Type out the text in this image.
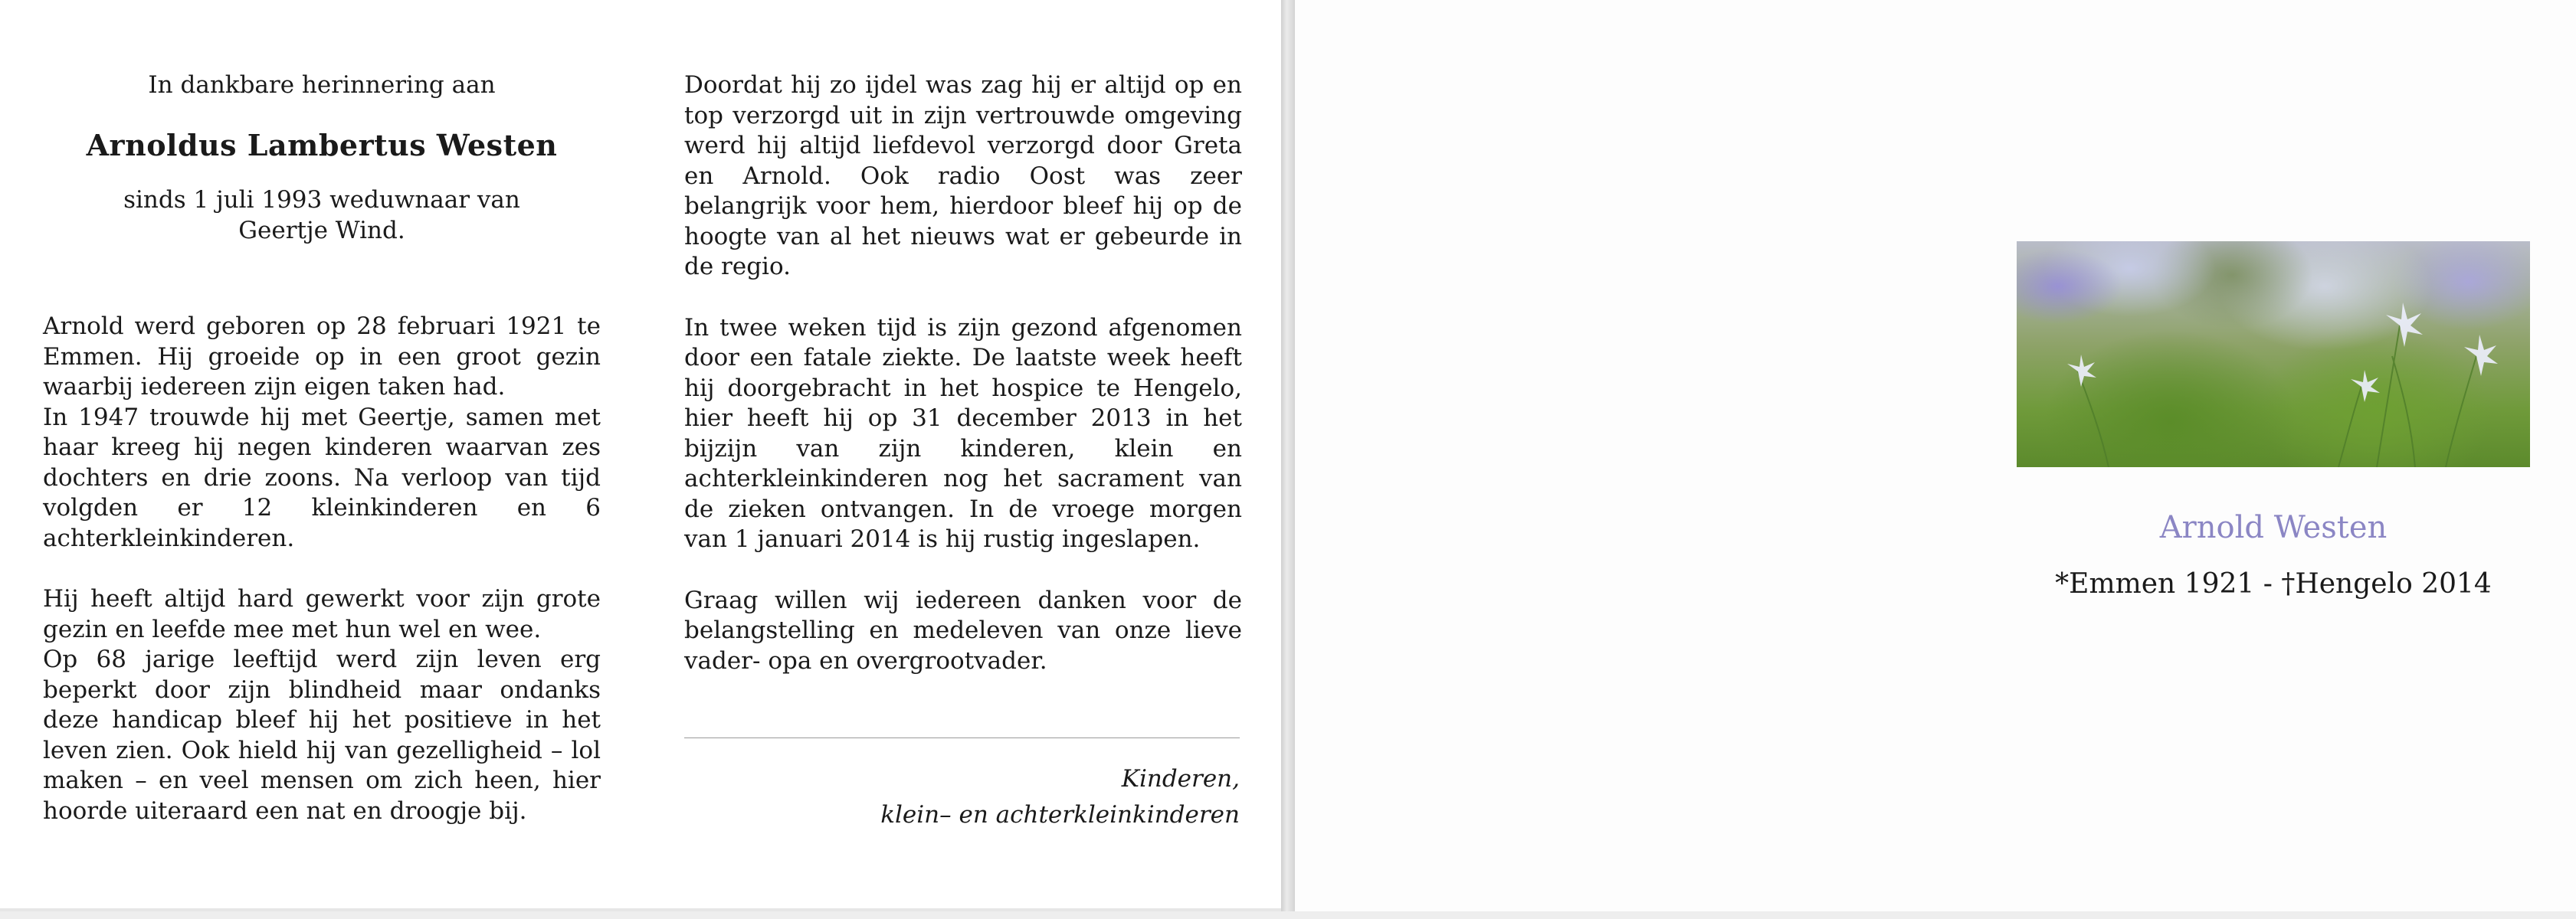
In dankbare herinnering aan
Arnoldus Lambertus Westen
sinds 1 juli 1993 weduwnaar van
Geertje Wind.

Arnold werd geboren op 28 februari 1921 te Emmen. Hij groeide op in een groot gezin waarbij iedereen zijn eigen taken had.

In 1947 trouwde hij met Geertje, samen met haar kreeg hij negen kinderen waarvan zes dochters en drie zoons. Na verloop van tijd volgden er 12 kleinkinderen en 6 achterkleinkinderen.

Hij heeft altijd hard gewerkt voor zijn grote gezin en leefde mee met hun wel en wee.

Op 68 jarige leeftijd werd zijn leven erg beperkt door zijn blindheid maar ondanks deze handicap bleef hij het positieve in het leven zien. Ook hield hij van gezelligheid – lol maken – en veel mensen om zich heen, hier hoorde uiteraard een nat en droogje bij.

Doordat hij zo ijdel was zag hij er altijd op en top verzorgd uit in zijn vertrouwde omgeving werd hij altijd liefdevol verzorgd door Greta en Arnold. Ook radio Oost was zeer belangrijk voor hem, hierdoor bleef hij op de hoogte van al het nieuws wat er gebeurde in de regio.

In twee weken tijd is zijn gezond afgenomen door een fatale ziekte. De laatste week heeft hij doorgebracht in het hospice te Hengelo, hier heeft hij op 31 december 2013 in het bijzijn van zijn kinderen, klein en achterkleinkinderen nog het sacrament van de zieken ontvangen. In de vroege morgen van 1 januari 2014 is hij rustig ingeslapen.

Graag willen wij iedereen danken voor de belangstelling en medeleven van onze lieve vader- opa en overgrootvader.

Kinderen,
klein– en achterkleinkinderen
Arnold Westen
*Emmen 1921 - †Hengelo 2014
